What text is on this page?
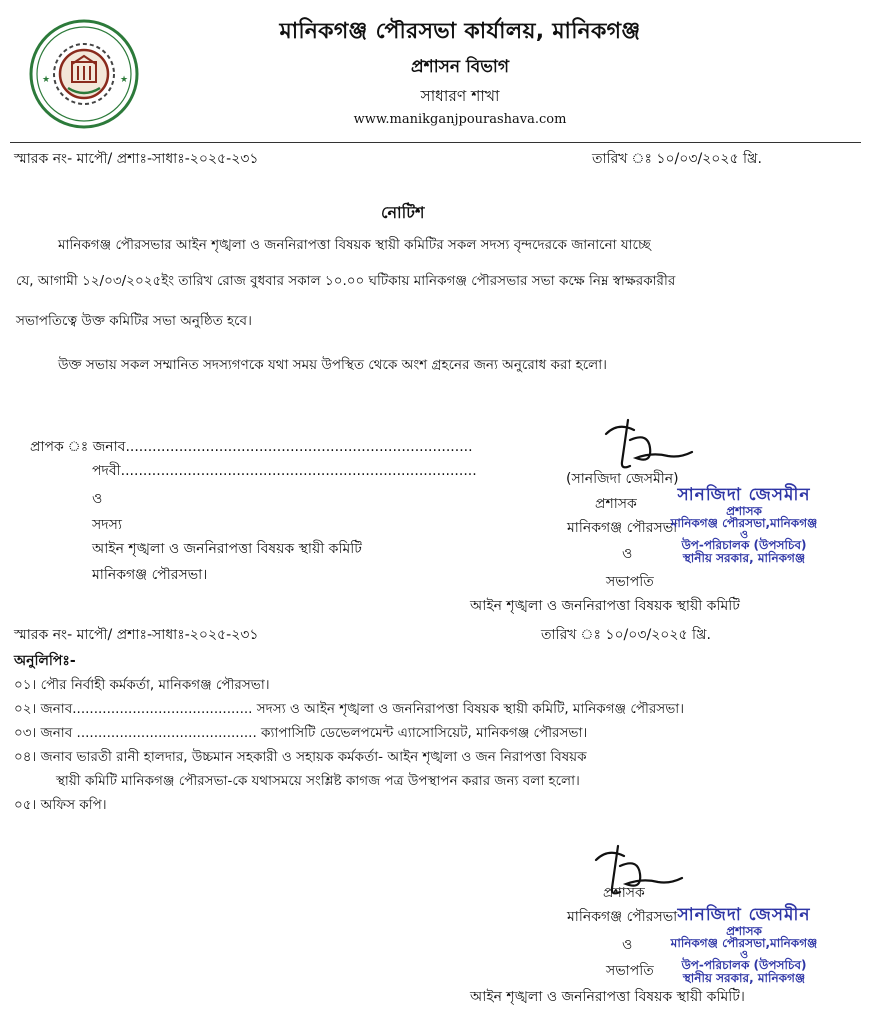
★	★
মানিকগঞ্জ পৌরসভা কার্যালয়, মানিকগঞ্জ
প্রশাসন বিভাগ
সাধারণ শাখা
www.manikganjpourashava.com
স্মারক নং- মাপৌ/ প্রশাঃ-সাধাঃ-২০২৫-২৩১	তারিখ ঃ ১০/০৩/২০২৫ খ্রি.
নোটিশ
মানিকগঞ্জ পৌরসভার আইন শৃঙ্খলা ও জননিরাপত্তা বিষয়ক স্থায়ী কমিটির সকল সদস্য বৃন্দদেরকে জানানো যাচ্ছে
যে, আগামী ১২/০৩/২০২৫ইং তারিখ রোজ বুধবার সকাল ১০.০০ ঘটিকায় মানিকগঞ্জ পৌরসভার সভা কক্ষে নিম্ন স্বাক্ষরকারীর
সভাপতিত্বে উক্ত কমিটির সভা অনুষ্ঠিত হবে।
উক্ত সভায় সকল সম্মানিত সদস্যগণকে যথা সময় উপস্থিত থেকে অংশ গ্রহনের জন্য অনুরোধ করা হলো।
প্রাপক ঃ জনাব..............................................................................
পদবী................................................................................
ও
সদস্য
আইন শৃঙ্খলা ও জননিরাপত্তা বিষয়ক স্থায়ী কমিটি
মানিকগঞ্জ পৌরসভা।
(সানজিদা জেসমীন)
প্রশাসক
মানিকগঞ্জ পৌরসভা
ও
সভাপতি
আইন শৃঙ্খলা ও জননিরাপত্তা বিষয়ক স্থায়ী কমিটি
সানজিদা জেসমীন
প্রশাসক
মানিকগঞ্জ পৌরসভা,মানিকগঞ্জ
ও
উপ-পরিচালক (উপসচিব)
স্থানীয় সরকার, মানিকগঞ্জ
স্মারক নং- মাপৌ/ প্রশাঃ-সাধাঃ-২০২৫-২৩১	তারিখ ঃ ১০/০৩/২০২৫ খ্রি.
অনুলিপিঃ-
০১। পৌর নির্বাহী কর্মকর্তা, মানিকগঞ্জ পৌরসভা।
০২। জনাব.......................................... সদস্য ও আইন শৃঙ্খলা ও জননিরাপত্তা বিষয়ক স্থায়ী কমিটি, মানিকগঞ্জ পৌরসভা।
০৩। জনাব .......................................... ক্যাপাসিটি ডেভেলপমেন্ট এ্যাসোসিয়েট, মানিকগঞ্জ পৌরসভা।
০৪। জনাব ভারতী রানী হালদার, উচ্চমান সহকারী ও সহায়ক কর্মকর্তা- আইন শৃঙ্খলা ও জন নিরাপত্তা বিষয়ক
স্থায়ী কমিটি মানিকগঞ্জ পৌরসভা-কে যথাসময়ে সংশ্লিষ্ট কাগজ পত্র উপস্থাপন করার জন্য বলা হলো।
০৫। অফিস কপি।
প্রশাসক
মানিকগঞ্জ পৌরসভা
ও
সভাপতি
আইন শৃঙ্খলা ও জননিরাপত্তা বিষয়ক স্থায়ী কমিটি।
সানজিদা জেসমীন
প্রশাসক
মানিকগঞ্জ পৌরসভা,মানিকগঞ্জ
ও
উপ-পরিচালক (উপসচিব)
স্থানীয় সরকার, মানিকগঞ্জ
